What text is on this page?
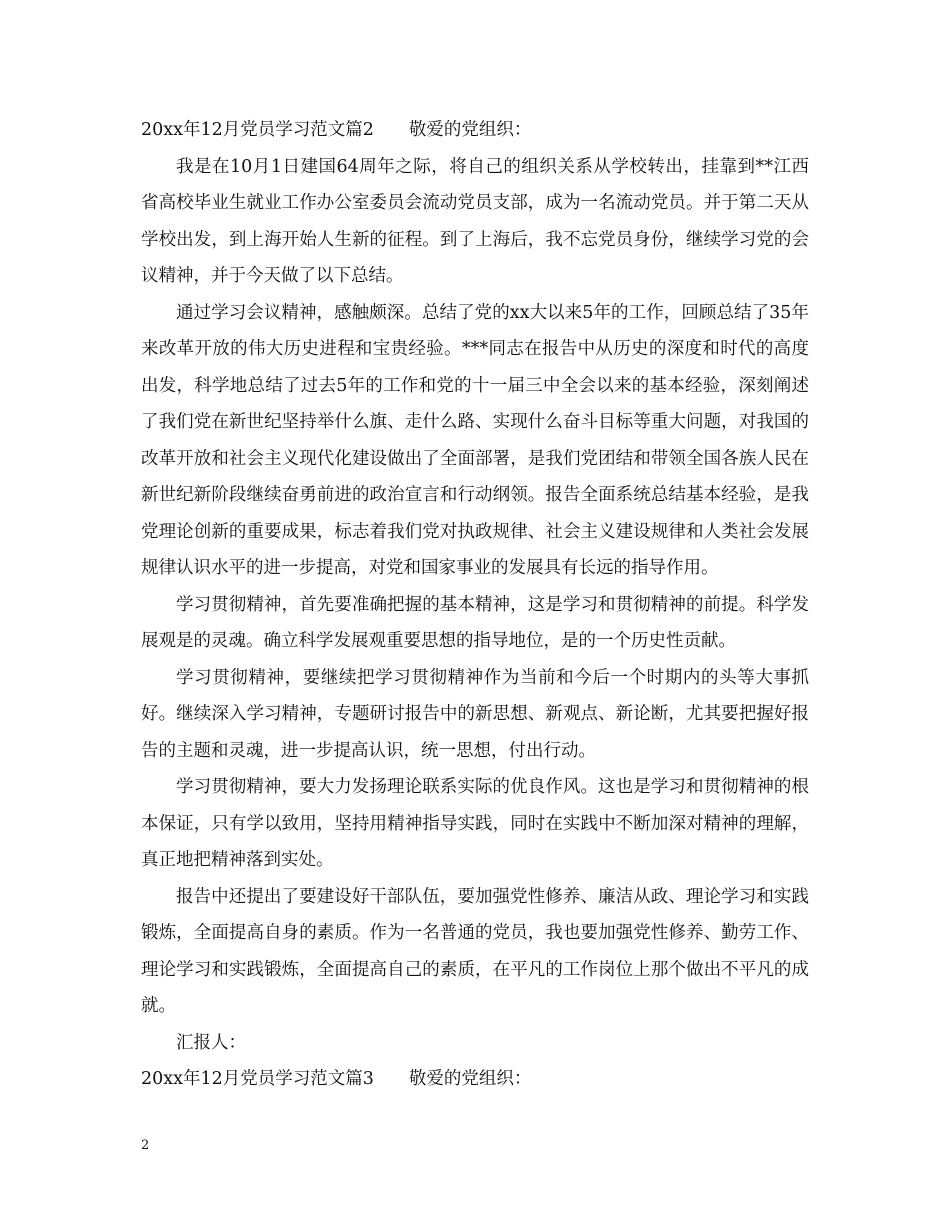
20xx年12月党员学习范文篇2　　敬爱的党组织：

我是在10月1日建国64周年之际，将自己的组织关系从学校转出，挂靠到**江西省高校毕业生就业工作办公室委员会流动党员支部，成为一名流动党员。并于第二天从学校出发，到上海开始人生新的征程。到了上海后，我不忘党员身份，继续学习党的会议精神，并于今天做了以下总结。

通过学习会议精神，感触颇深。总结了党的xx大以来5年的工作，回顾总结了35年来改革开放的伟大历史进程和宝贵经验。***同志在报告中从历史的深度和时代的高度出发，科学地总结了过去5年的工作和党的十一届三中全会以来的基本经验，深刻阐述了我们党在新世纪坚持举什么旗、走什么路、实现什么奋斗目标等重大问题，对我国的改革开放和社会主义现代化建设做出了全面部署，是我们党团结和带领全国各族人民在新世纪新阶段继续奋勇前进的政治宣言和行动纲领。报告全面系统总结基本经验，是我党理论创新的重要成果，标志着我们党对执政规律、社会主义建设规律和人类社会发展规律认识水平的进一步提高，对党和国家事业的发展具有长远的指导作用。

学习贯彻精神，首先要准确把握的基本精神，这是学习和贯彻精神的前提。科学发展观是的灵魂。确立科学发展观重要思想的指导地位，是的一个历史性贡献。

学习贯彻精神，要继续把学习贯彻精神作为当前和今后一个时期内的头等大事抓好。继续深入学习精神，专题研讨报告中的新思想、新观点、新论断，尤其要把握好报告的主题和灵魂，进一步提高认识，统一思想，付出行动。

学习贯彻精神，要大力发扬理论联系实际的优良作风。这也是学习和贯彻精神的根本保证，只有学以致用，坚持用精神指导实践，同时在实践中不断加深对精神的理解，真正地把精神落到实处。

报告中还提出了要建设好干部队伍，要加强党性修养、廉洁从政、理论学习和实践锻炼，全面提高自身的素质。作为一名普通的党员，我也要加强党性修养、勤劳工作、理论学习和实践锻炼，全面提高自己的素质，在平凡的工作岗位上那个做出不平凡的成就。

汇报人：

20xx年12月党员学习范文篇3　　敬爱的党组织：

2
